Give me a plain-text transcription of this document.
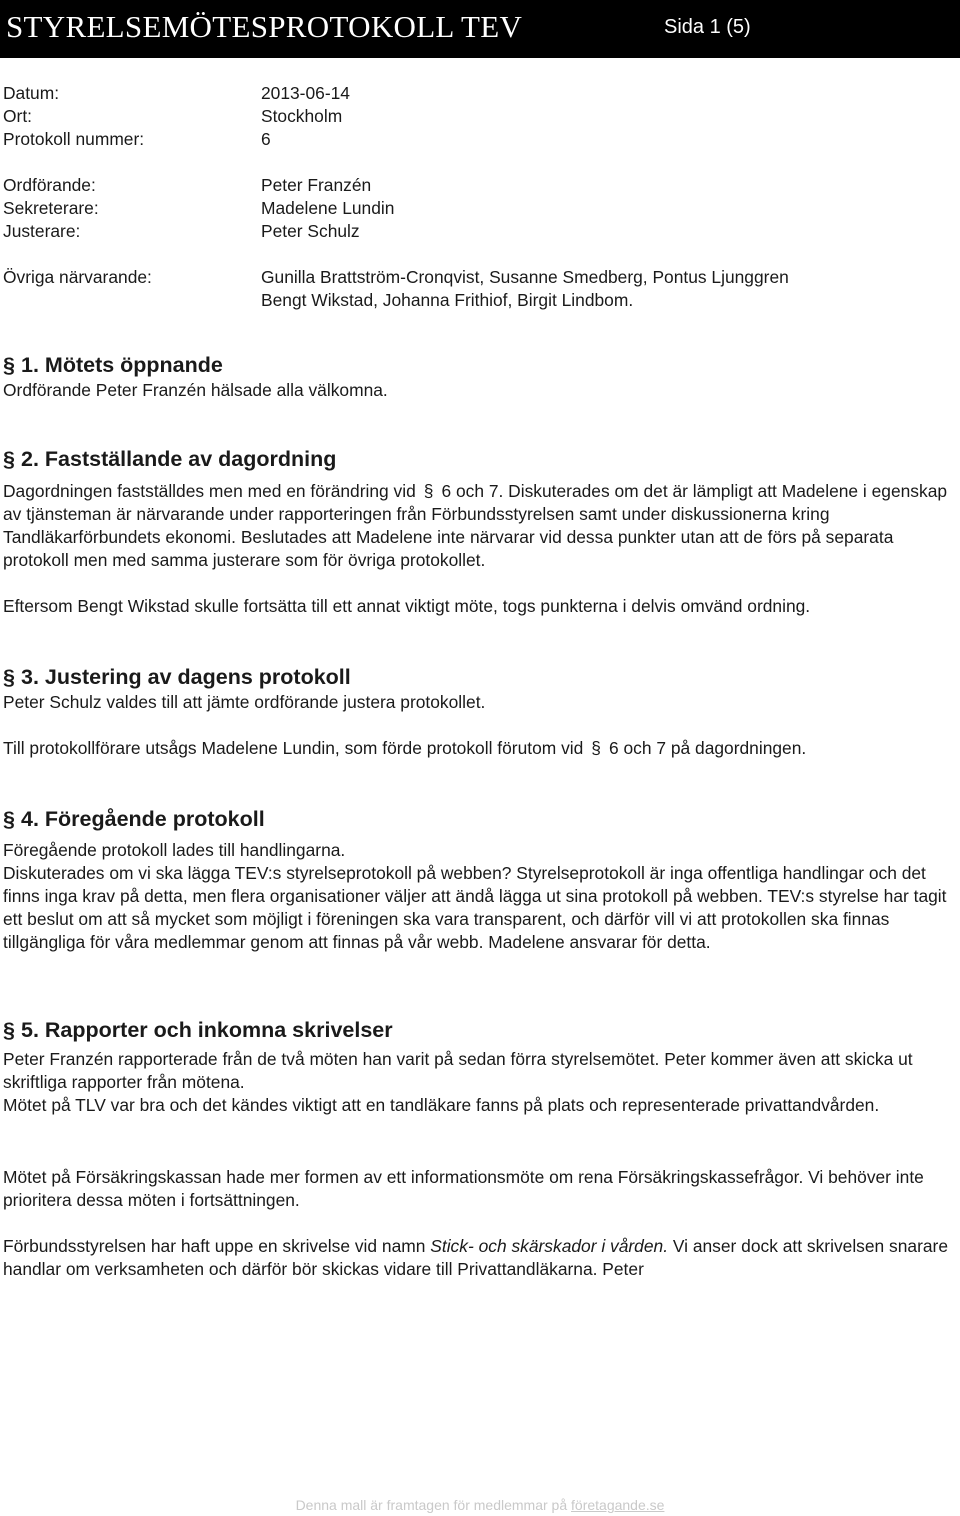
STYRELSEMÖTESPROTOKOLL TEV	Sida 1 (5)
Datum:	2013-06-14
Ort:	Stockholm
Protokoll nummer:	6
Ordförande:	Peter Franzén
Sekreterare:	Madelene Lundin
Justerare:	Peter Schulz
Övriga närvarande:	Gunilla Brattström-Cronqvist, Susanne Smedberg, Pontus Ljunggren
Bengt Wikstad, Johanna Frithiof, Birgit Lindbom.
§ 1. Mötets öppnande

Ordförande Peter Franzén hälsade alla välkomna.

§ 2. Fastställande av dagordning

Dagordningen fastställdes men med en förändring vid § 6 och 7. Diskuterades om det är lämpligt att Madelene i egenskap av tjänsteman är närvarande under rapporteringen från Förbundsstyrelsen samt under diskussionerna kring Tandläkarförbundets ekonomi. Beslutades att Madelene inte närvarar vid dessa punkter utan att de förs på separata protokoll men med samma justerare som för övriga protokollet.

Eftersom Bengt Wikstad skulle fortsätta till ett annat viktigt möte, togs punkterna i delvis omvänd ordning.

§ 3. Justering av dagens protokoll

Peter Schulz valdes till att jämte ordförande justera protokollet.

Till protokollförare utsågs Madelene Lundin, som förde protokoll förutom vid § 6 och 7 på dagordningen.

§ 4. Föregående protokoll

Föregående protokoll lades till handlingarna.

Diskuterades om vi ska lägga TEV:s styrelseprotokoll på webben? Styrelseprotokoll är inga offentliga handlingar och det finns inga krav på detta, men flera organisationer väljer att ändå lägga ut sina protokoll på webben. TEV:s styrelse har tagit ett beslut om att så mycket som möjligt i föreningen ska vara transparent, och därför vill vi att protokollen ska finnas tillgängliga för våra medlemmar genom att finnas på vår webb. Madelene ansvarar för detta.

§ 5. Rapporter och inkomna skrivelser

Peter Franzén rapporterade från de två möten han varit på sedan förra styrelsemötet. Peter kommer även att skicka ut skriftliga rapporter från mötena.

Mötet på TLV var bra och det kändes viktigt att en tandläkare fanns på plats och representerade privattandvården.

Mötet på Försäkringskassan hade mer formen av ett informationsmöte om rena Försäkringskassefrågor. Vi behöver inte prioritera dessa möten i fortsättningen.

Förbundsstyrelsen har haft uppe en skrivelse vid namn Stick- och skärskador i vården. Vi anser dock att skrivelsen snarare handlar om verksamheten och därför bör skickas vidare till Privattandläkarna. Peter

Denna mall är framtagen för medlemmar på företagande.se
